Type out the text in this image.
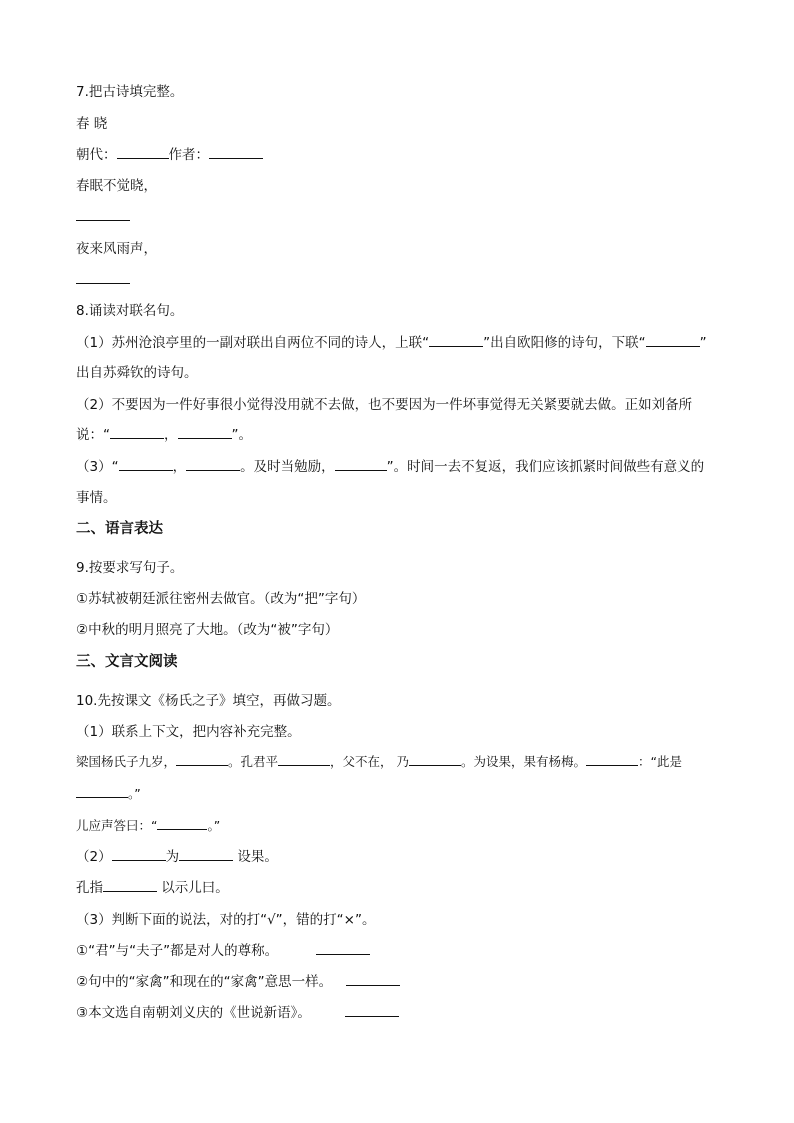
7.把古诗填完整。
春 晓
朝代：	作者：
春眠不觉晓，
夜来风雨声，
8.诵读对联名句。
（1）苏州沧浪亭里的一副对联出自两位不同的诗人，上联“	”出自欧阳修的诗句，下联“	”
出自苏舜钦的诗句。
（2）不要因为一件好事很小觉得没用就不去做，也不要因为一件坏事觉得无关紧要就去做。正如刘备所
说：“	，	”。
（3）“	，	。及时当勉励，	”。时间一去不复返，我们应该抓紧时间做些有意义的
事情。
二、语言表达
9.按要求写句子。
①苏轼被朝廷派往密州去做官。（改为“把”字句）
②中秋的明月照亮了大地。（改为“被”字句）
三、文言文阅读
10.先按课文《杨氏之子》填空，再做习题。
（1）联系上下文，把内容补充完整。
梁国杨氏子九岁，	。孔君平	，父不在， 乃	。为设果，果有杨梅。	：“此是
。”
儿应声答曰：“	。”
（2）	为	设果。
孔指	以示儿曰。
（3）判断下面的说法，对的打“√”，错的打“×”。
①“君”与“夫子”都是对人的尊称。
②句中的“家禽”和现在的“家禽”意思一样。
③本文选自南朝刘义庆的《世说新语》。
